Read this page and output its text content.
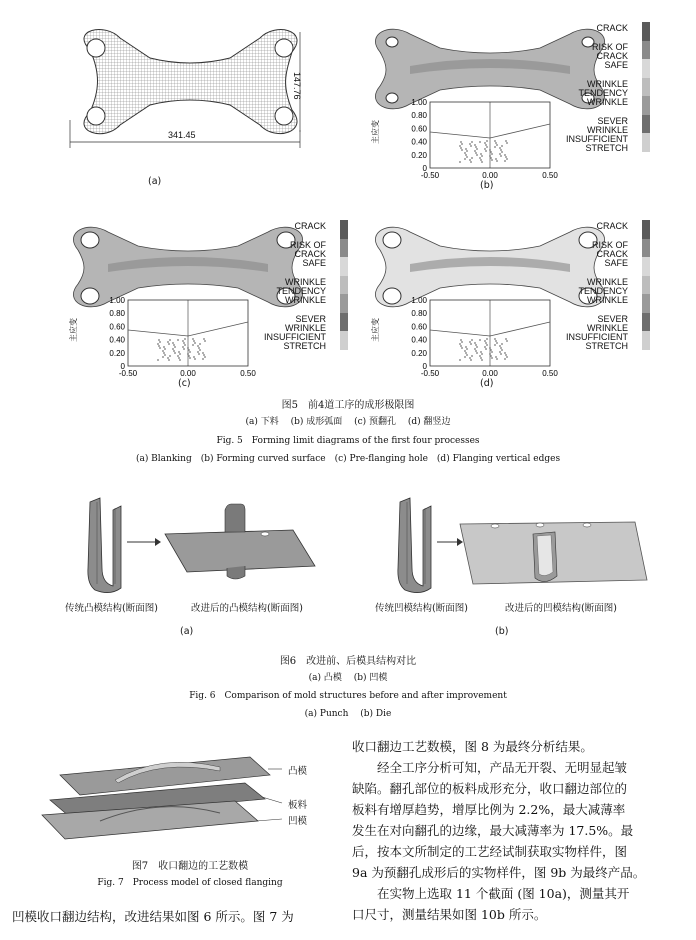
147.76
341.45
(a)
1.00
0.80
0.60
0.40
0.20
0
-0.50	0.00	0.50
主应变
CRACK
RISK OF
CRACK
SAFE
WRINKLE
TENDENCY
WRINKLE
SEVER
WRINKLE
INSUFFICIENT
STRETCH
(b)
1.00
0.80
0.60
0.40
0.20
0
-0.50	0.00	0.50
主应变
CRACK
RISK OF
CRACK
SAFE
WRINKLE
TENDENCY
WRINKLE
SEVER
WRINKLE
INSUFFICIENT
STRETCH
(c)
1.00
0.80
0.60
0.40
0.20
0
-0.50	0.00	0.50
主应变
CRACK
RISK OF
CRACK
SAFE
WRINKLE
TENDENCY
WRINKLE
SEVER
WRINKLE
INSUFFICIENT
STRETCH
(d)
图5　前4道工序的成形极限图
(a) 下料　 (b) 成形弧面　 (c) 预翻孔　 (d) 翻竖边
Fig. 5　Forming limit diagrams of the first four processes
(a) Blanking　(b) Forming curved surface　(c) Pre-flanging hole　(d) Flanging vertical edges
传统凸模结构(断面图)	改进后的凸模结构(断面图)
(a)
传统凹模结构(断面图)	改进后的凹模结构(断面图)
(b)
图6　改进前、后模具结构对比
(a) 凸模　 (b) 凹模
Fig. 6　Comparison of mold structures before and after improvement
(a) Punch　 (b) Die
凸模
板料
凹模
图7　收口翻边的工艺数模
Fig. 7　Process model of closed flanging
凹模收口翻边结构，改进结果如图 6 所示。图 7 为
收口翻边工艺数模，图 8 为最终分析结果。
　　经全工序分析可知，产品无开裂、无明显起皱
缺陷。翻孔部位的板料成形充分，收口翻边部位的
板料有增厚趋势，增厚比例为 2.2%，最大减薄率
发生在对向翻孔的边缘，最大减薄率为 17.5%。最
后，按本文所制定的工艺经试制获取实物样件，图
9a 为预翻孔成形后的实物样件，图 9b 为最终产品。
　　在实物上选取 11 个截面 (图 10a)，测量其开
口尺寸，测量结果如图 10b 所示。
